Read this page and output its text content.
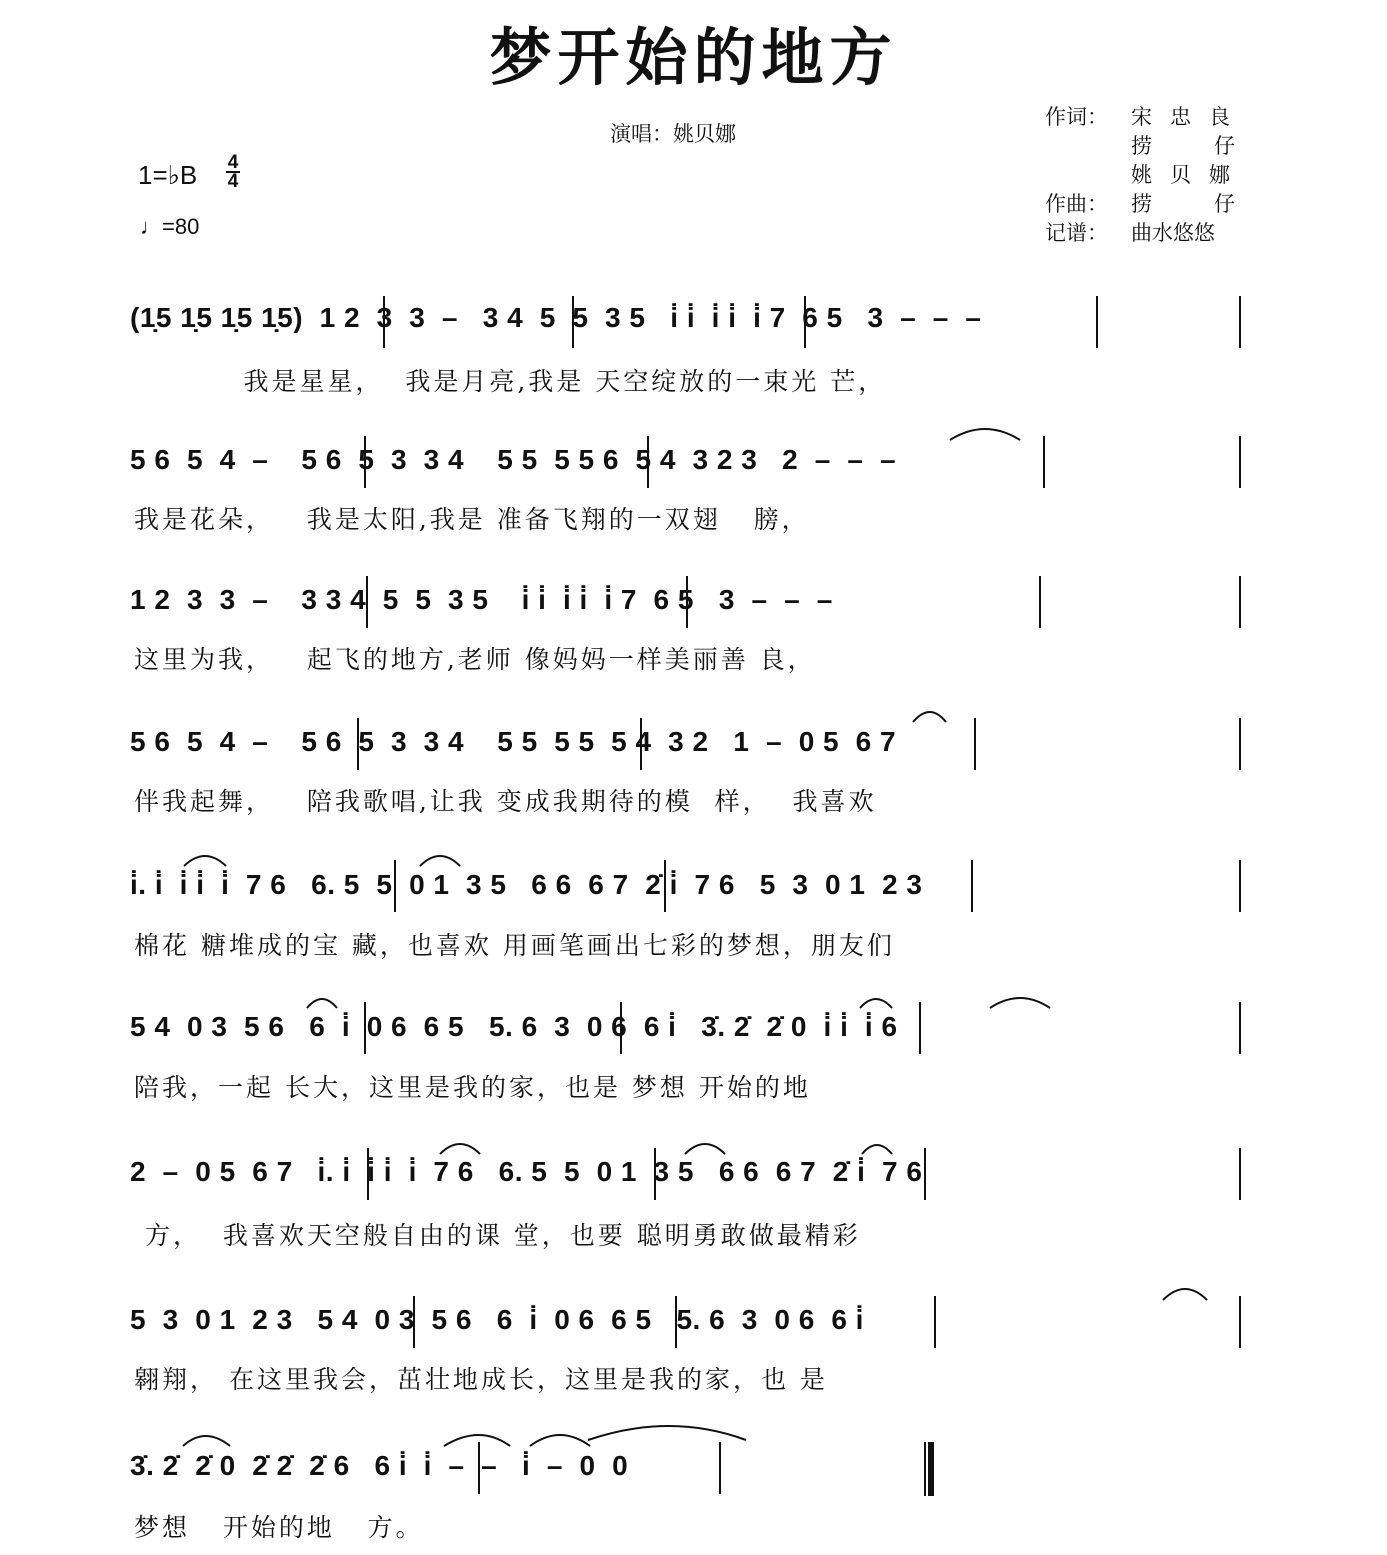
梦开始的地方
演唱：姚贝娜
作词：	宋忠良
捞仔
姚贝娜
作曲：	捞仔
记谱：	曲水悠悠
1=♭B 4
4
♩=80
(1̣5 1̣5 1̣5 1̣5)  1 2  3  3  –   3 4  5  5  3 5   i̇ i̇  i̇ i̇  i̇ 7  6 5   3  –  –  –
我是星星，  我是月亮,我是 天空绽放的一束光 芒，
5 6  5  4  –    5 6  5  3  3 4    5 5  5 5 6  5 4  3 2 3   2  –  –  –
我是花朵，   我是太阳,我是 准备飞翔的一双翅   膀，
1 2  3  3  –    3 3 4  5  5  3 5    i̇ i̇  i̇ i̇  i̇ 7  6 5   3  –  –  –
这里为我，   起飞的地方,老师 像妈妈一样美丽善 良，
5 6  5  4  –    5 6  5  3  3 4    5 5  5 5  5 4  3 2   1  –  0 5  6 7
伴我起舞，   陪我歌唱,让我 变成我期待的模  样，  我喜欢
i̇. i̇  i̇ i̇  i̇  7 6   6. 5  5  0 1  3 5   6 6  6 7  2̇ i̇  7 6   5  3  0 1  2 3
棉花 糖堆成的宝 藏，也喜欢 用画笔画出七彩的梦想，朋友们
5 4  0 3  5 6   6  i̇  0 6  6 5   5. 6  3  0 6  6 i̇   3̇. 2̇  2̇ 0  i̇ i̇  i̇ 6
陪我，一起 长大，这里是我的家，也是 梦想 开始的地
2  –  0 5  6 7   i̇. i̇  i̇ i̇  i̇  7 6   6. 5  5  0 1  3 5   6 6  6 7  2̇ i̇  7 6
方，  我喜欢天空般自由的课 堂，也要 聪明勇敢做最精彩
5  3  0 1  2 3   5 4  0 3  5 6   6  i̇  0 6  6 5   5. 6  3  0 6  6 i̇
翱翔， 在这里我会，茁壮地成长，这里是我的家，也 是
3̇. 2̇  2̇ 0  2̇ 2̇  2̇ 6   6 i̇  i̇  –  –   i̇  –  0  0
梦想   开始的地   方。
